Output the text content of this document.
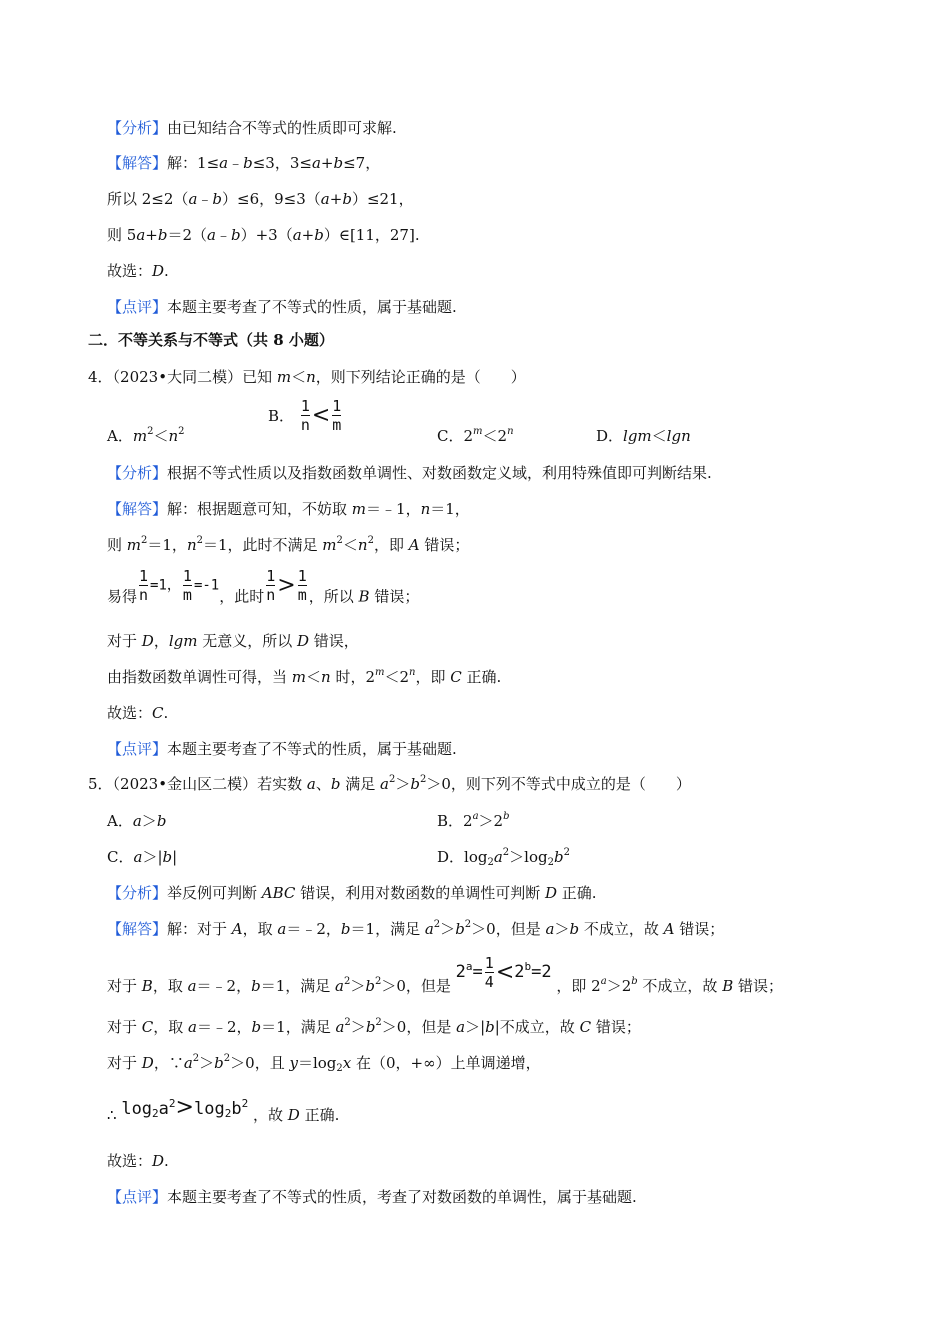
【分析】由已知结合不等式的性质即可求解.
【解答】解：1≤a﹣b≤3，3≤a+b≤7，
所以 2≤2（a﹣b）≤6，9≤3（a+b）≤21，
则 5a+b＝2（a﹣b）+3（a+b）∈[11，27].
故选：D.
【点评】本题主要考查了不等式的性质，属于基础题.
二．不等关系与不等式（共 8 小题）
4．（2023•大同二模）已知 m＜n，则下列结论正确的是（　　）
A．$m^2<n^2$
B． $\frac{1}{n} < \frac{1}{m}$
C．$2^m<2^n$	D．lgm＜lgn
【分析】根据不等式性质以及指数函数单调性、对数函数定义域，利用特殊值即可判断结果.
【解答】解：根据题意可知，不妨取 m＝﹣1，n＝1，
则 $m^2=1$，$n^2=1$，此时不满足 $m^2<n^2$，即 A 错误；
易得 $\frac{1}{n} =1$， $\frac{1}{m} =-1$，此时 $\frac{1}{n} > \frac{1}{m}$ ，所以 B 错误；
对于 D，lgm 无意义，所以 D 错误，
由指数函数单调性可得，当 m＜n 时，$2^m<2^n$，即 C 正确.
故选：C.
【点评】本题主要考查了不等式的性质，属于基础题.
5．（2023•金山区二模）若实数 a、b 满足 $a^2>b^2>0$，则下列不等式中成立的是（　　）
A．a＞b	B．$2^a>2^b$
C．a＞|b|	D．$\log_2a^2>\log_2b^2$
【分析】举反例可判断 ABC 错误，利用对数函数的单调性可判断 D 正确.
【解答】解：对于 A，取 a＝﹣2，b＝1，满足 $a^2>b^2>0$，但是 a＞b 不成立，故 A 错误；
对于 B，取 a＝﹣2，b＝1，满足 $a^2>b^2>0$，但是 $2^a= \frac{1}{4} <2^b=2$ ，即 $2^a>2^b$ 不成立，故 B 错误；
对于 C，取 a＝﹣2，b＝1，满足 $a^2>b^2>0$，但是 a＞|b|不成立，故 C 错误；
对于 D，$\because a^2>b^2>0$，且 $y=\log_2x$ 在（0，+∞）上单调递增，
∴ $\log_2a^2>\log_2b^2$ ，故 D 正确.
故选：D.
【点评】本题主要考查了不等式的性质，考查了对数函数的单调性，属于基础题.
